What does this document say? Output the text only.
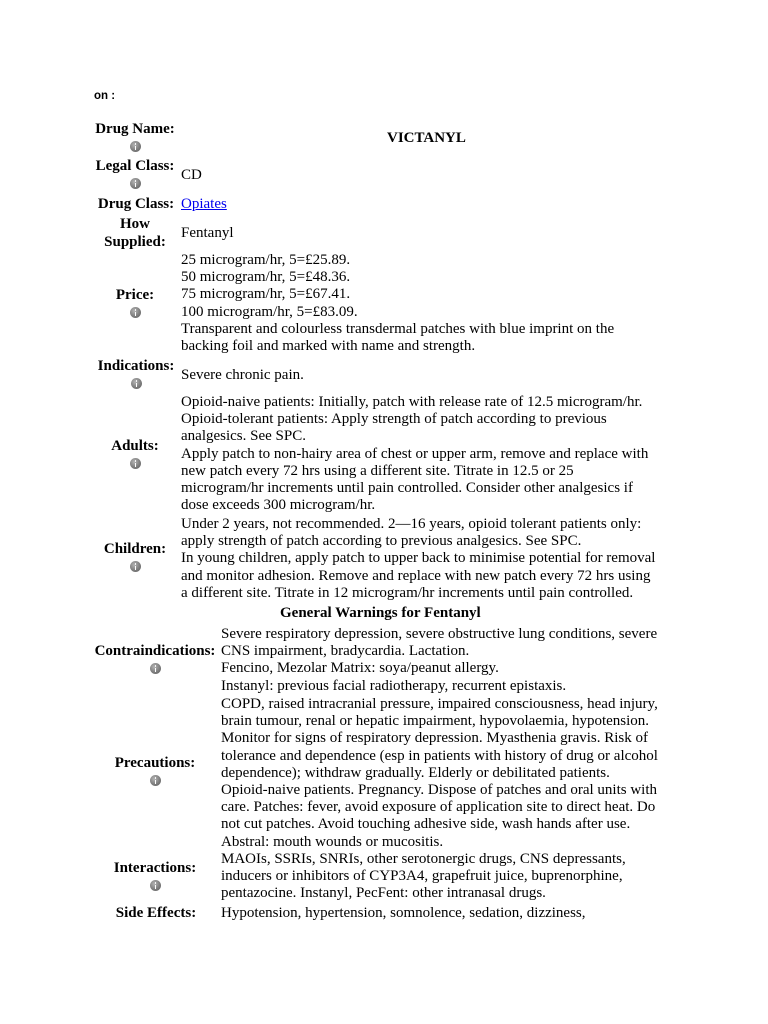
on :
Drug Name:
VICTANYL
Legal Class:
CD
Drug Class: Opiates
How
Supplied:
Fentanyl
Price:
25 microgram/hr, 5=£25.89.
50 microgram/hr, 5=£48.36.
75 microgram/hr, 5=£67.41.
100 microgram/hr, 5=£83.09.
Transparent and colourless transdermal patches with blue imprint on the
backing foil and marked with name and strength.
Indications:
Severe chronic pain.
Adults:
Opioid-naive patients: Initially, patch with release rate of 12.5 microgram/hr.
Opioid-tolerant patients: Apply strength of patch according to previous
analgesics. See SPC.
Apply patch to non-hairy area of chest or upper arm, remove and replace with
new patch every 72 hrs using a different site. Titrate in 12.5 or 25
microgram/hr increments until pain controlled. Consider other analgesics if
dose exceeds 300 microgram/hr.
Children:
Under 2 years, not recommended. 2—16 years, opioid tolerant patients only:
apply strength of patch according to previous analgesics. See SPC.
In young children, apply patch to upper back to minimise potential for removal
and monitor adhesion. Remove and replace with new patch every 72 hrs using
a different site. Titrate in 12 microgram/hr increments until pain controlled.
General Warnings for Fentanyl
Contraindications:
Severe respiratory depression, severe obstructive lung conditions, severe
CNS impairment, bradycardia. Lactation.
Fencino, Mezolar Matrix: soya/peanut allergy.
Instanyl: previous facial radiotherapy, recurrent epistaxis.
Precautions:
COPD, raised intracranial pressure, impaired consciousness, head injury,
brain tumour, renal or hepatic impairment, hypovolaemia, hypotension.
Monitor for signs of respiratory depression. Myasthenia gravis. Risk of
tolerance and dependence (esp in patients with history of drug or alcohol
dependence); withdraw gradually. Elderly or debilitated patients.
Opioid-naive patients. Pregnancy. Dispose of patches and oral units with
care. Patches: fever, avoid exposure of application site to direct heat. Do
not cut patches. Avoid touching adhesive side, wash hands after use.
Abstral: mouth wounds or mucositis.
Interactions:
MAOIs, SSRIs, SNRIs, other serotonergic drugs, CNS depressants,
inducers or inhibitors of CYP3A4, grapefruit juice, buprenorphine,
pentazocine. Instanyl, PecFent: other intranasal drugs.
Side Effects: Hypotension, hypertension, somnolence, sedation, dizziness,
